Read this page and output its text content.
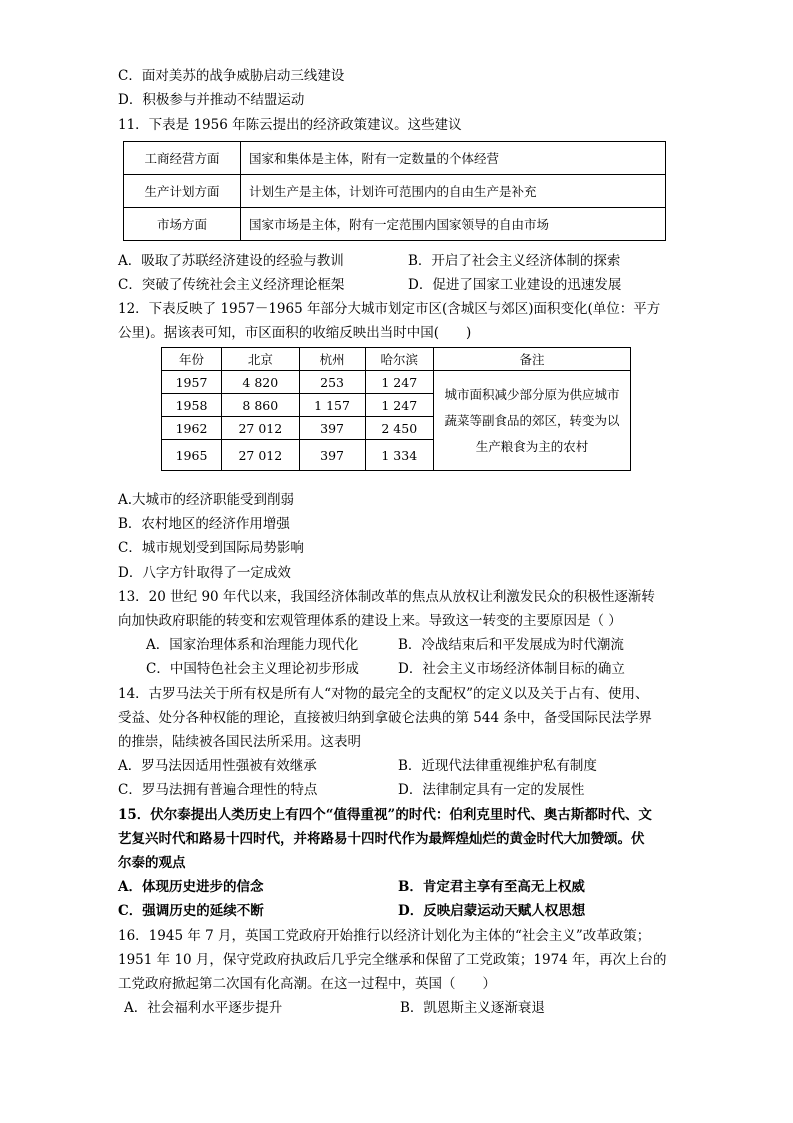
C．面对美苏的战争威胁启动三线建设
D．积极参与并推动不结盟运动
11．下表是 1956 年陈云提出的经济政策建议。这些建议
工商经营方面	国家和集体是主体，附有一定数量的个体经营
生产计划方面	计划生产是主体，计划许可范围内的自由生产是补充
市场方面	国家市场是主体，附有一定范围内国家领导的自由市场
A．吸取了苏联经济建设的经验与教训	B．开启了社会主义经济体制的探索
C．突破了传统社会主义经济理论框架	D．促进了国家工业建设的迅速发展
12．下表反映了 1957－1965 年部分大城市划定市区(含城区与郊区)面积变化(单位：平方
公里)。据该表可知，市区面积的收缩反映出当时中国(　　)
年份	北京	杭州	哈尔滨	备注
1957	4 820	253	1 247	城市面积减少部分原为供应城市蔬菜等副食品的郊区，转变为以生产粮食为主的农村
1958	8 860	1 157	1 247	
1962	27 012	397	2 450	
1965	27 012	397	1 334	
A.大城市的经济职能受到削弱
B．农村地区的经济作用增强
C．城市规划受到国际局势影响
D．八字方针取得了一定成效
13．20 世纪 90 年代以来，我国经济体制改革的焦点从放权让利激发民众的积极性逐渐转
向加快政府职能的转变和宏观管理体系的建设上来。导致这一转变的主要原因是（ ）
A．国家治理体系和治理能力现代化	B．冷战结束后和平发展成为时代潮流
C．中国特色社会主义理论初步形成	D．社会主义市场经济体制目标的确立
14．古罗马法关于所有权是所有人“对物的最完全的支配权”的定义以及关于占有、使用、
受益、处分各种权能的理论，直接被归纳到拿破仑法典的第 544 条中，备受国际民法学界
的推崇，陆续被各国民法所采用。这表明
A．罗马法因适用性强被有效继承	B．近现代法律重视维护私有制度
C．罗马法拥有普遍合理性的特点	D．法律制定具有一定的发展性
15．伏尔泰提出人类历史上有四个“值得重视”的时代：伯利克里时代、奥古斯都时代、文
艺复兴时代和路易十四时代，并将路易十四时代作为最辉煌灿烂的黄金时代大加赞颂。伏
尔泰的观点
A．体现历史进步的信念	B．肯定君主享有至高无上权威
C．强调历史的延续不断	D．反映启蒙运动天赋人权思想
16．1945 年 7 月，英国工党政府开始推行以经济计划化为主体的“社会主义”改革政策；
1951 年 10 月，保守党政府执政后几乎完全继承和保留了工党政策；1974 年，再次上台的
工党政府掀起第二次国有化高潮。在这一过程中，英国（　　）
A．社会福利水平逐步提升	B．凯恩斯主义逐渐衰退
